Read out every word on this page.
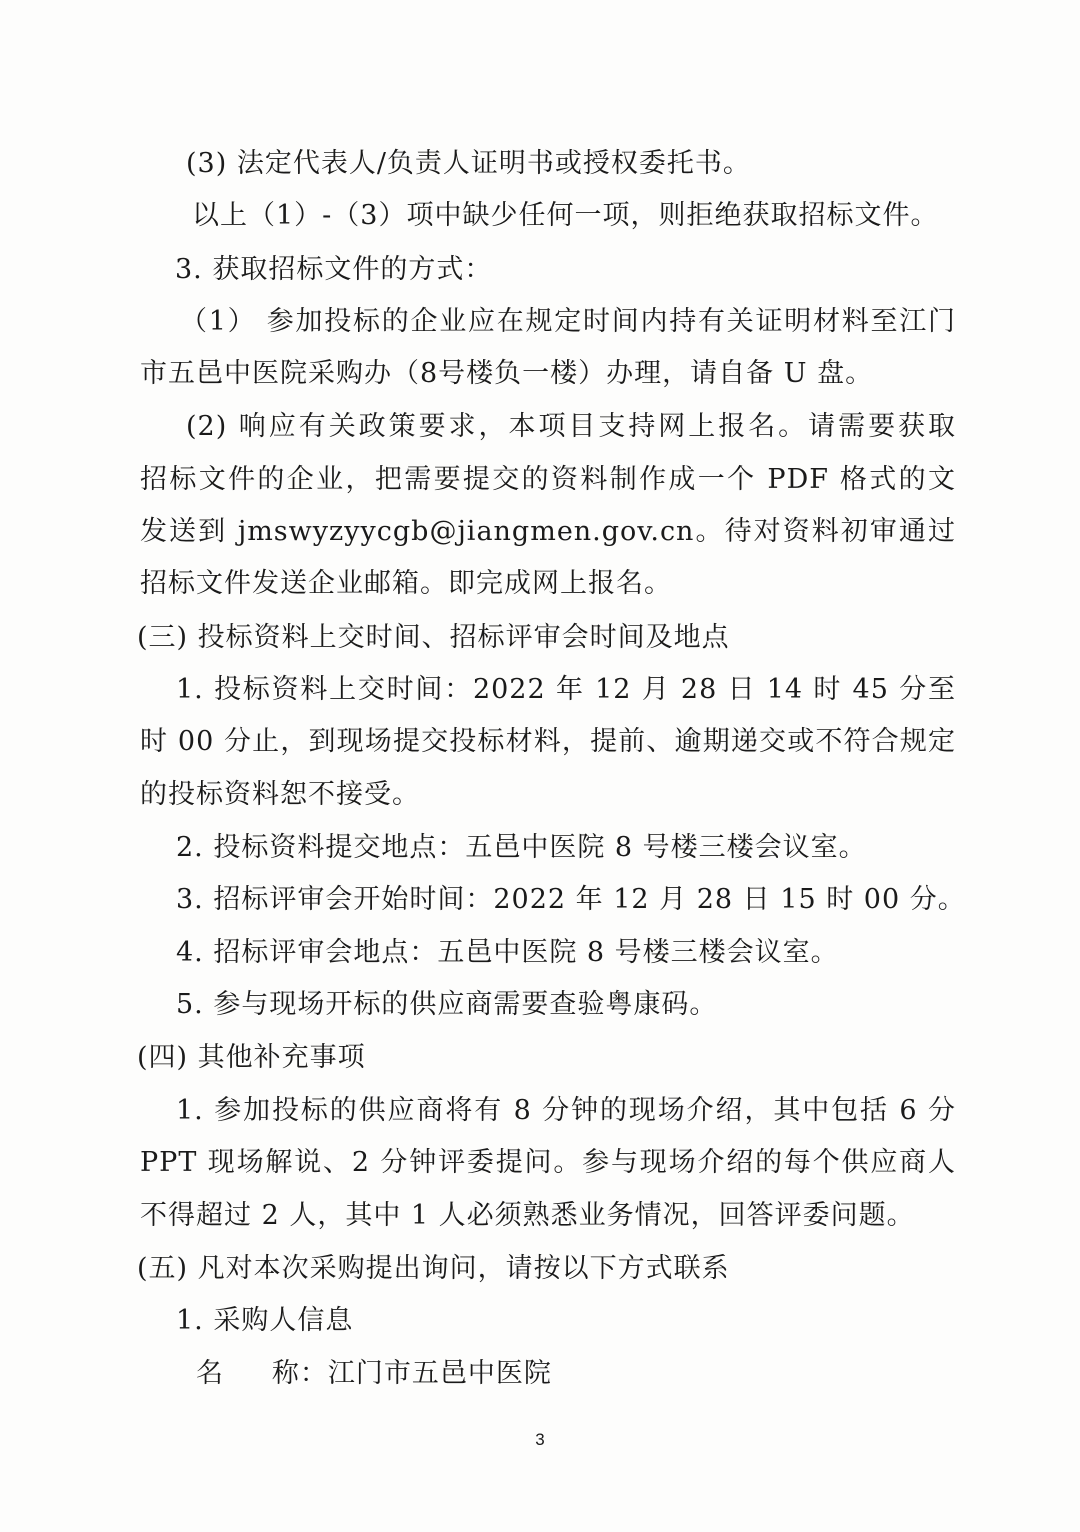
(3) 法定代表人/负责人证明书或授权委托书。

以上（1）-（3）项中缺少任何一项，则拒绝获取招标文件。

3. 获取招标文件的方式：

（1） 参加投标的企业应在规定时间内持有关证明材料至江门

市五邑中医院采购办（8号楼负一楼）办理，请自备 U 盘。

(2) 响应有关政策要求，本项目支持网上报名。请需要获取

招标文件的企业，把需要提交的资料制作成一个 PDF 格式的文

发送到 jmswyzyycgb@jiangmen.gov.cn。待对资料初审通过

招标文件发送企业邮箱。即完成网上报名。

(三) 投标资料上交时间、招标评审会时间及地点

1. 投标资料上交时间：2022 年 12 月 28 日 14 时 45 分至

时 00 分止，到现场提交投标材料，提前、逾期递交或不符合规定

的投标资料恕不接受。

2. 投标资料提交地点：五邑中医院 8 号楼三楼会议室。

3. 招标评审会开始时间：2022 年 12 月 28 日 15 时 00 分。

4. 招标评审会地点：五邑中医院 8 号楼三楼会议室。

5. 参与现场开标的供应商需要查验粤康码。

(四) 其他补充事项

1. 参加投标的供应商将有 8 分钟的现场介绍，其中包括 6 分

PPT 现场解说、2 分钟评委提问。参与现场介绍的每个供应商人

不得超过 2 人，其中 1 人必须熟悉业务情况，回答评委问题。

(五) 凡对本次采购提出询问，请按以下方式联系

1. 采购人信息

名     称：江门市五邑中医院

3
